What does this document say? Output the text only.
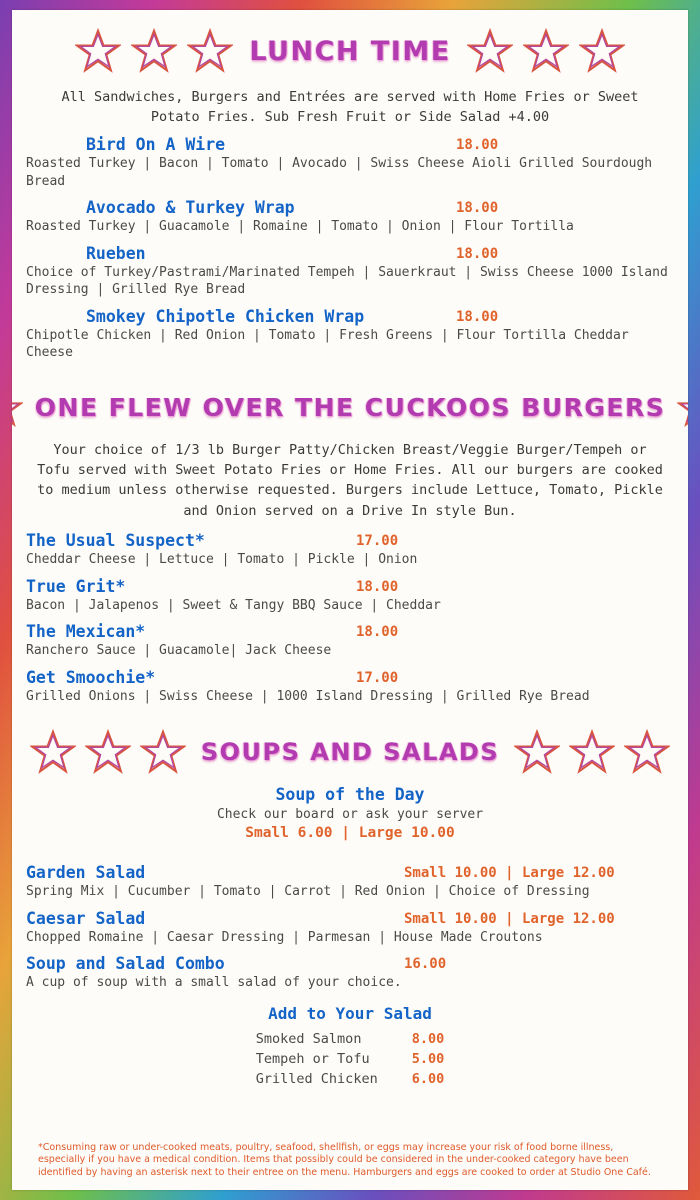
LUNCH TIME
All Sandwiches, Burgers and Entrées are served with Home Fries or Sweet Potato Fries. Sub Fresh Fruit or Side Salad +4.00
Bird On A Wire	18.00
Roasted Turkey | Bacon | Tomato | Avocado | Swiss Cheese Aioli Grilled Sourdough Bread
Avocado & Turkey Wrap	18.00
Roasted Turkey | Guacamole | Romaine | Tomato | Onion | Flour Tortilla
Rueben	18.00
Choice of Turkey/Pastrami/Marinated Tempeh | Sauerkraut | Swiss Cheese 1000 Island Dressing | Grilled Rye Bread
Smokey Chipotle Chicken Wrap	18.00
Chipotle Chicken | Red Onion | Tomato | Fresh Greens | Flour Tortilla Cheddar Cheese
ONE FLEW OVER THE CUCKOOS BURGERS
Your choice of 1/3 lb Burger Patty/Chicken Breast/Veggie Burger/Tempeh or Tofu served with Sweet Potato Fries or Home Fries. All our burgers are cooked to medium unless otherwise requested. Burgers include Lettuce, Tomato, Pickle and Onion served on a Drive In style Bun.
The Usual Suspect*	17.00
Cheddar Cheese | Lettuce | Tomato | Pickle | Onion
True Grit*	18.00
Bacon | Jalapenos | Sweet & Tangy BBQ Sauce | Cheddar
The Mexican*	18.00
Ranchero Sauce | Guacamole| Jack Cheese
Get Smoochie*	17.00
Grilled Onions | Swiss Cheese | 1000 Island Dressing | Grilled Rye Bread
SOUPS AND SALADS
Soup of the Day
Check our board or ask your server
Small 6.00 | Large 10.00
Garden Salad	Small 10.00 | Large 12.00
Spring Mix | Cucumber | Tomato | Carrot | Red Onion | Choice of Dressing
Caesar Salad	Small 10.00 | Large 12.00
Chopped Romaine | Caesar Dressing | Parmesan | House Made Croutons
Soup and Salad Combo	16.00
A cup of soup with a small salad of your choice.
Add to Your Salad
Smoked Salmon	8.00
Tempeh or Tofu	5.00
Grilled Chicken	6.00
*Consuming raw or under-cooked meats, poultry, seafood, shellfish, or eggs may increase your risk of food borne illness, especially if you have a medical condition. Items that possibly could be considered in the under-cooked category have been identified by having an asterisk next to their entree on the menu. Hamburgers and eggs are cooked to order at Studio One Café.
